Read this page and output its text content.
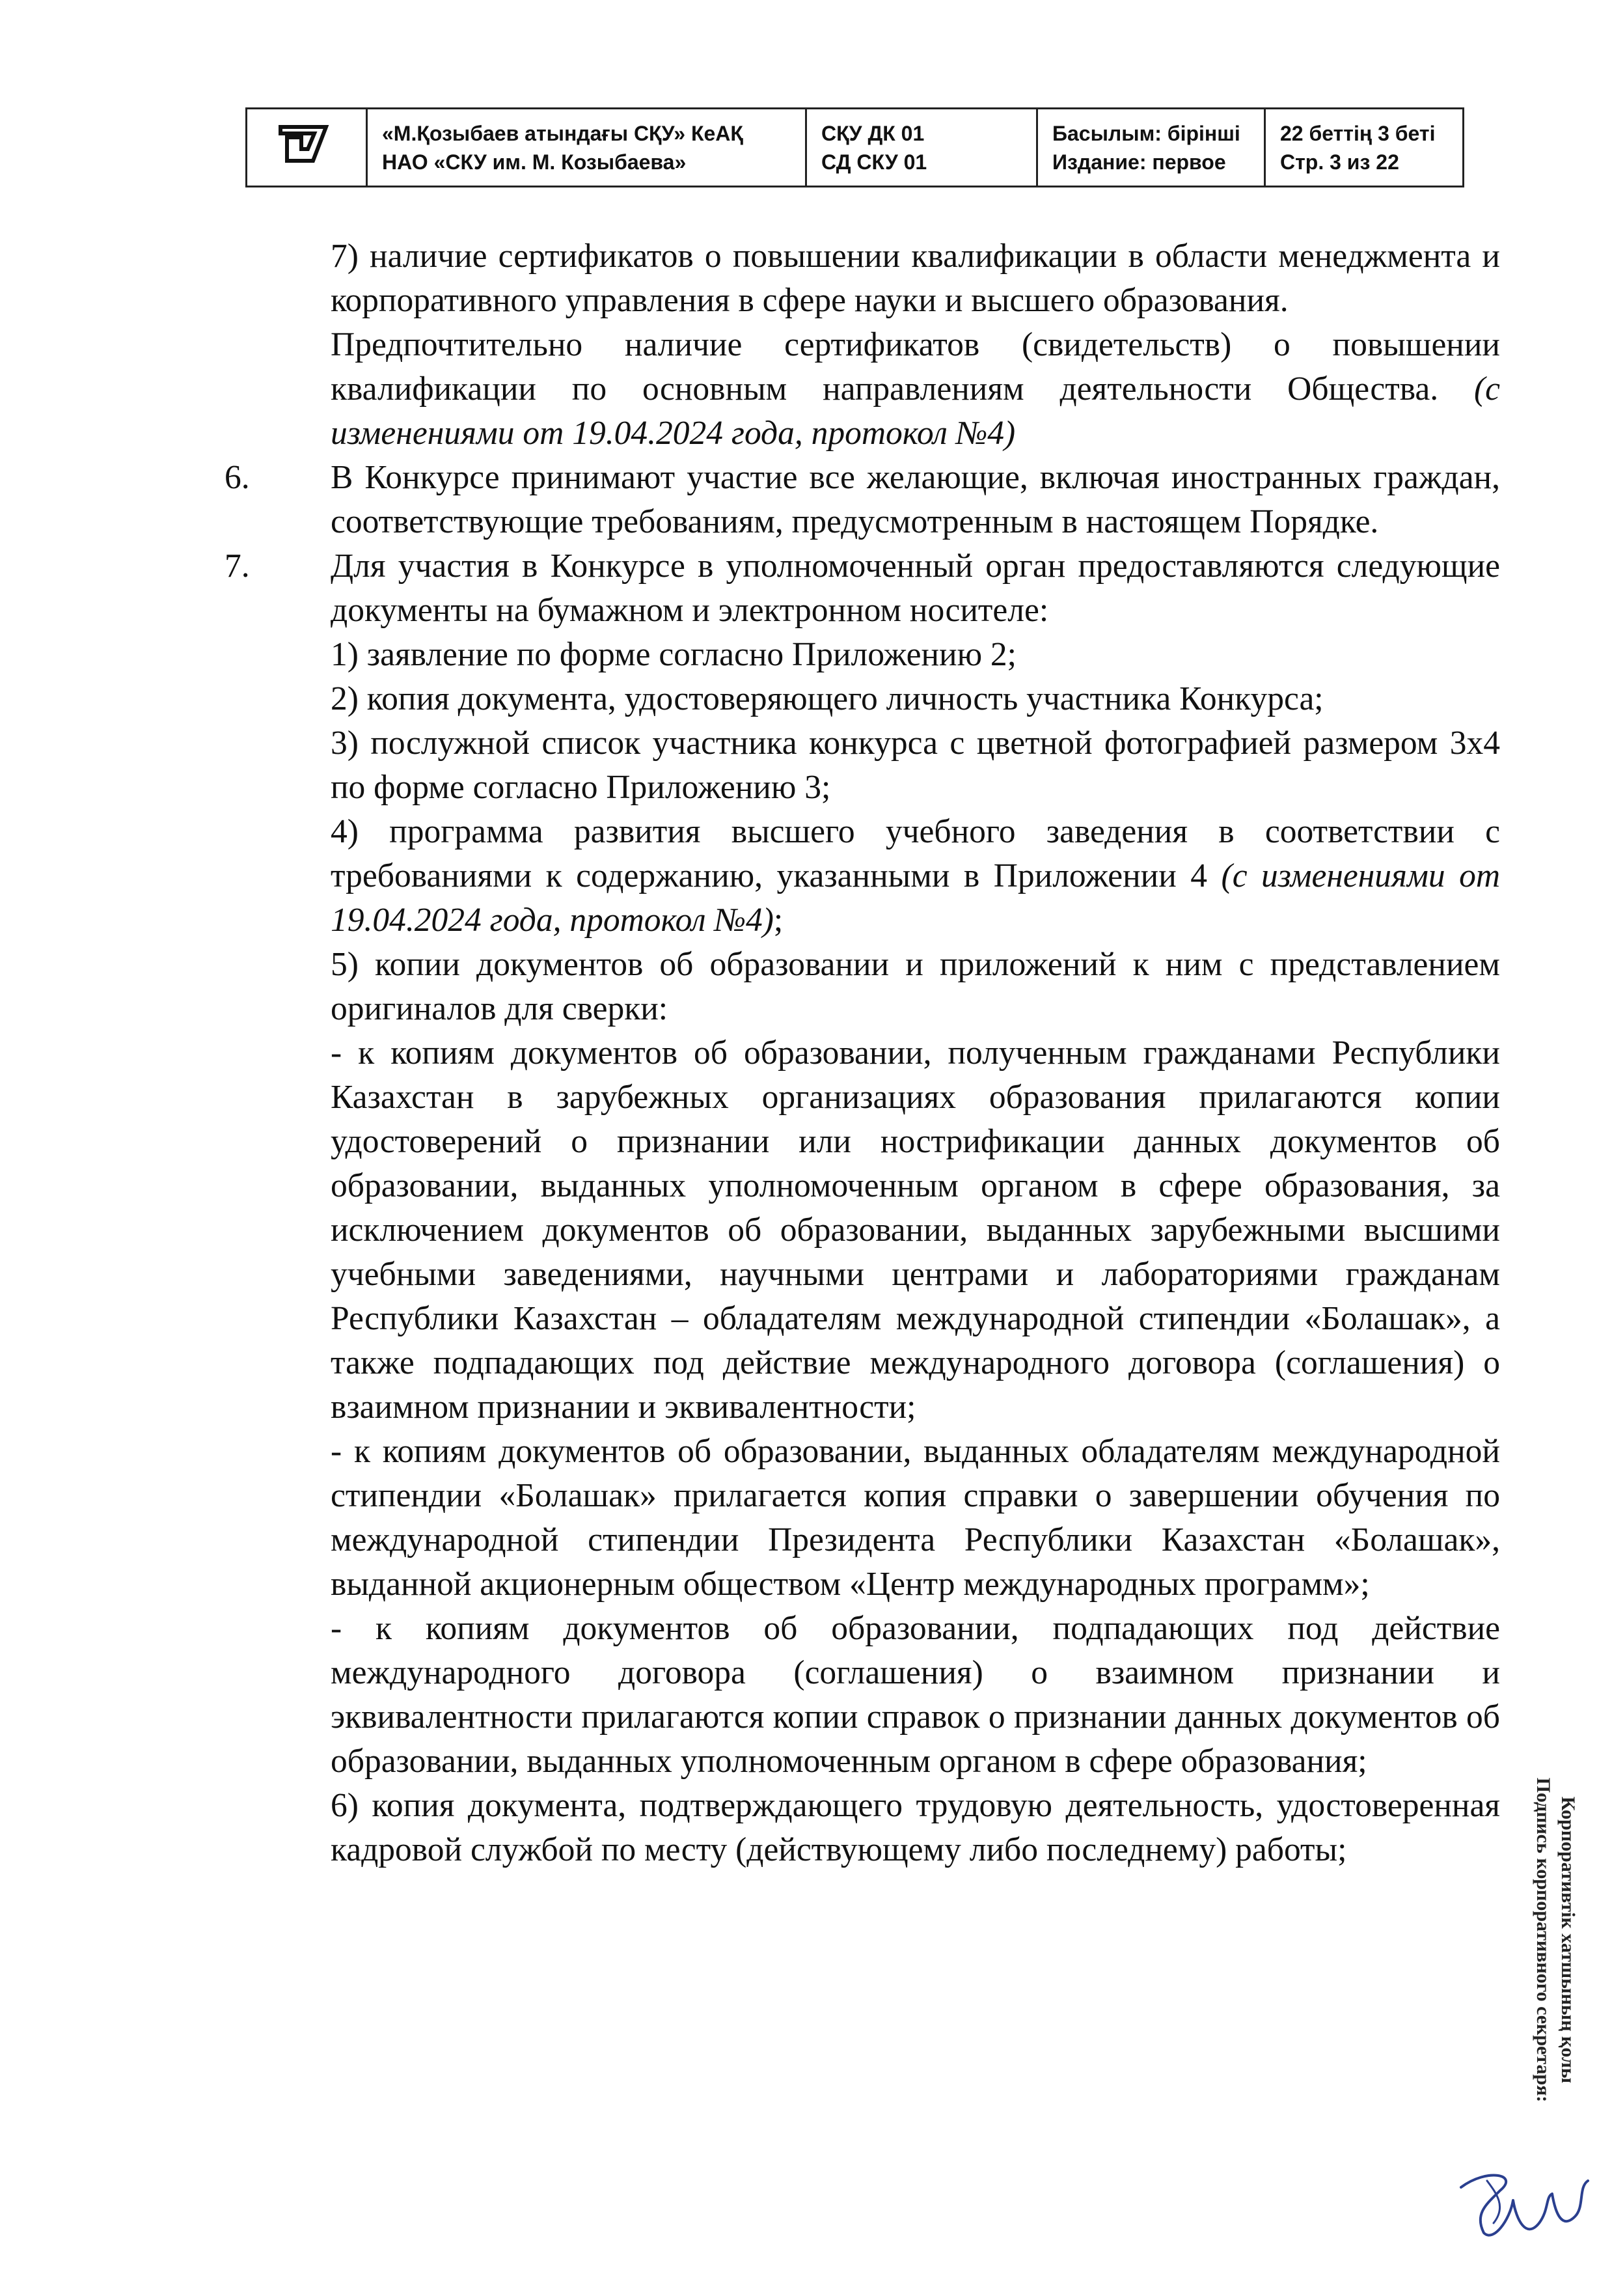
«М.Қозыбаев атындағы СҚУ» КеАҚ
НАО «СКУ им. М. Козыбаева»

СҚУ ДК 01
СД СКУ 01

Басылым: бірінші
Издание: первое

22 беттің 3 беті
Стр. 3 из 22

7) наличие сертификатов о повышении квалификации в области менеджмента и корпоративного управления в сфере науки и высшего образования.

Предпочтительно наличие сертификатов (свидетельств) о повышении квалификации по основным направлениям деятельности Общества. (с изменениями от 19.04.2024 года, протокол №4)

6.	В Конкурсе принимают участие все желающие, включая иностранных граждан, соответствующие требованиям, предусмотренным в настоящем Порядке.

7.	Для участия в Конкурсе в уполномоченный орган предоставляются следующие документы на бумажном и электронном носителе:

1) заявление по форме согласно Приложению 2;

2) копия документа, удостоверяющего личность участника Конкурса;

3) послужной список участника конкурса с цветной фотографией размером 3х4 по форме согласно Приложению 3;

4) программа развития высшего учебного заведения в соответствии с требованиями к содержанию, указанными в Приложении 4 (с изменениями от 19.04.2024 года, протокол №4);

5) копии документов об образовании и приложений к ним с представлением оригиналов для сверки:

- к копиям документов об образовании, полученным гражданами Республики Казахстан в зарубежных организациях образования прилагаются копии удостоверений о признании или нострификации данных документов об образовании, выданных уполномоченным органом в сфере образования, за исключением документов об образовании, выданных зарубежными высшими учебными заведениями, научными центрами и лабораториями гражданам Республики Казахстан – обладателям международной стипендии «Болашак», а также подпадающих под действие международного договора (соглашения) о взаимном признании и эквивалентности;

- к копиям документов об образовании, выданных обладателям международной стипендии «Болашак» прилагается копия справки о завершении обучения по международной стипендии Президента Республики Казахстан «Болашак», выданной акционерным обществом «Центр международных программ»;

- к копиям документов об образовании, подпадающих под действие международного договора (соглашения) о взаимном признании и эквивалентности прилагаются копии справок о признании данных документов об образовании, выданных уполномоченным органом в сфере образования;

6) копия документа, подтверждающего трудовую деятельность, удостоверенная кадровой службой по месту (действующему либо последнему) работы;	Корпоративтік хатшының қолы
Подпись корпоративного секретаря:
